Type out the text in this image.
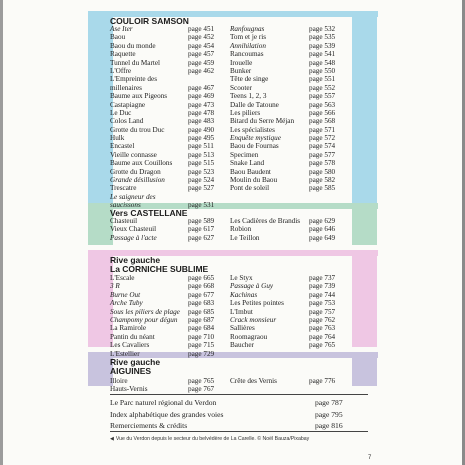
COULOIR SAMSON
Ase Iter	page 451
Baou	page 452
Baou du monde	page 454
Raquette	page 457
Tunnel du Martel	page 459
L'Offre	page 462
L'Empreinte des millenaires	page 467
Baume aux Pigeons	page 469
Castapiagne	page 473
Le Duc	page 478
Colos Land	page 483
Grotte du trou Duc	page 490
Hulk	page 495
Encastel	page 511
Vieille connasse	page 513
Baume aux Couillons page 515
Grotte du Dragon	page 523
Grande désillusion	page 524
Trescatre	page 527
Le saigneur des saucissons	page 531
Ranfougnas	page 532
Tom et je ris	page 535
Annihilation	page 539
Rancoumas	page 541
Irouelle	page 548
Bunker	page 550
Tête de singe	page 551
Scooter	page 552
Teens 1, 2, 3	page 557
Dalle de Tatoune	page 563
Les piliers	page 566
Bitard du Serre Méjan page 568
Les spécialistes	page 571
Enquête mystique	page 572
Baou de Fournas	page 574
Specimen	page 577
Snake Land	page 578
Baou Baudent	page 580
Moulin du Baou	page 582
Pont de soleil	page 585
Vers CASTELLANE
Chasteuil	page 589
Vieux Chasteuil	page 617
Passage à l'acte	page 627
Les Cadières de Brandis page 629
Robion	page 646
Le Teillon	page 649
Rive gauche
La CORNICHE SUBLIME
L'Escale	page 665
3 R	page 668
Burne Out	page 677
Arche Tuby	page 683
Sous les piliers de plage page 685
Champomy pour dégun page 687
La Ramirole	page 684
Pantin du néant	page 710
Les Cavaliers	page 715
L'Estellier	page 729
Le Styx	page 737
Passage à Guy	page 739
Kachinas	page 744
Les Petites pointes	page 753
L'Imbut	page 757
Crack monsieur	page 762
Sallières	page 763
Roomagraou	page 764
Baucher	page 765
Rive gauche
AIGUINES
Illoire	page 765
Hauts-Vernis	page 767
Crête des Vernis	page 776
Le Parc naturel régional du Verdon	page 787
Index alphabétique des grandes voies	page 795
Remerciements & crédits	page 816
◀ Vue du Verdon depuis le secteur du belvédère de La Carelle. © Noël Bauza/Pixabay
7
